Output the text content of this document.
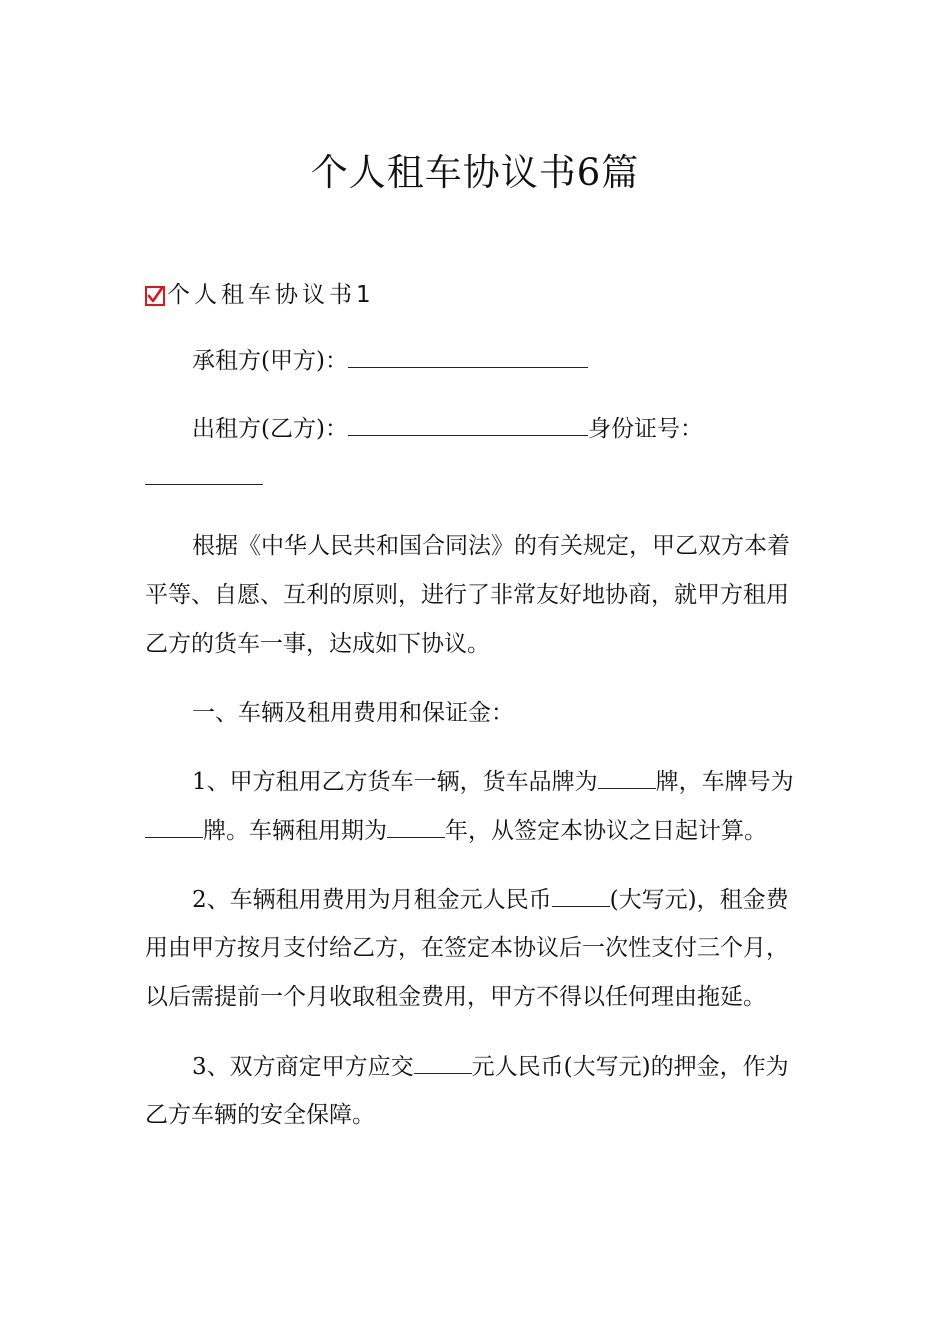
个人租车协议书6篇
个人租车协议书1
承租方(甲方)：
出租方(乙方)：	身份证号：
根据《中华人民共和国合同法》的有关规定，甲乙双方本着
平等、自愿、互利的原则，进行了非常友好地协商，就甲方租用
乙方的货车一事，达成如下协议。
一、车辆及租用费用和保证金：
1、甲方租用乙方货车一辆，货车品牌为	牌，车牌号为
牌。车辆租用期为	年，从签定本协议之日起计算。
2、车辆租用费用为月租金元人民币	(大写元)，租金费
用由甲方按月支付给乙方，在签定本协议后一次性支付三个月，
以后需提前一个月收取租金费用，甲方不得以任何理由拖延。
3、双方商定甲方应交	元人民币(大写元)的押金，作为
乙方车辆的安全保障。
